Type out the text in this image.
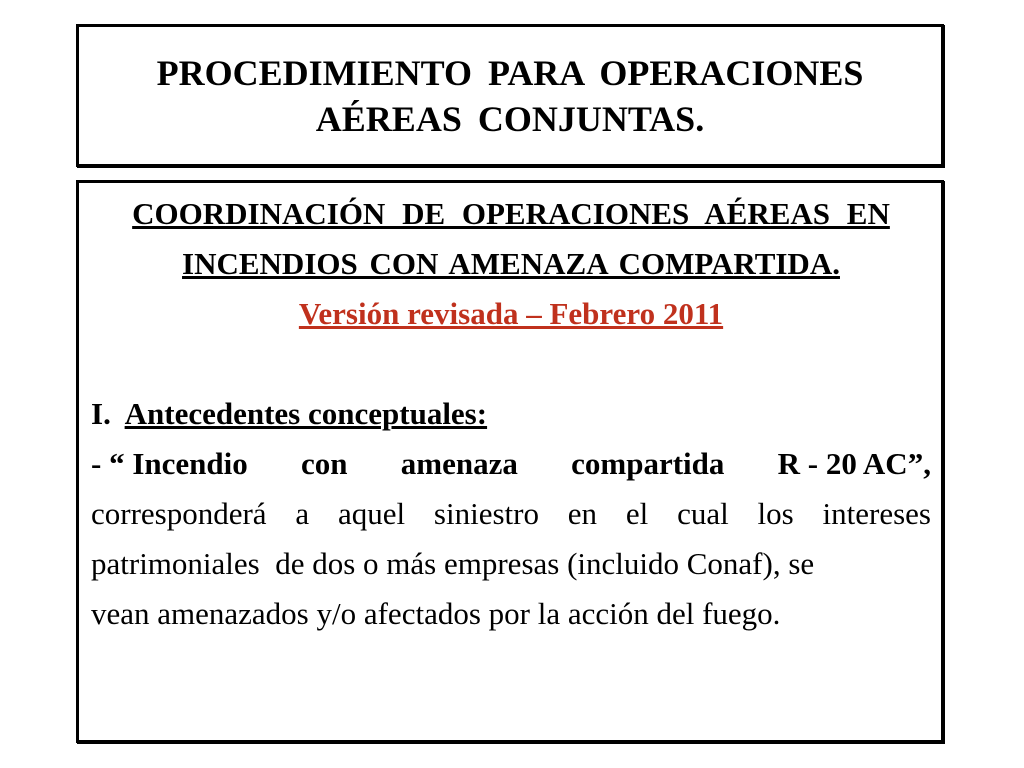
PROCEDIMIENTO PARA OPERACIONES
AÉREAS CONJUNTAS.
COORDINACIÓN DE OPERACIONES AÉREAS EN
INCENDIOS CON AMENAZA COMPARTIDA.
Versión revisada – Febrero 2011
I. Antecedentes conceptuales:
- “ Incendio con amenaza compartida R - 20 AC”,
corresponderá a aquel siniestro en el cual los intereses
patrimoniales  de dos o más empresas (incluido Conaf), se
vean amenazados y/o afectados por la acción del fuego.
